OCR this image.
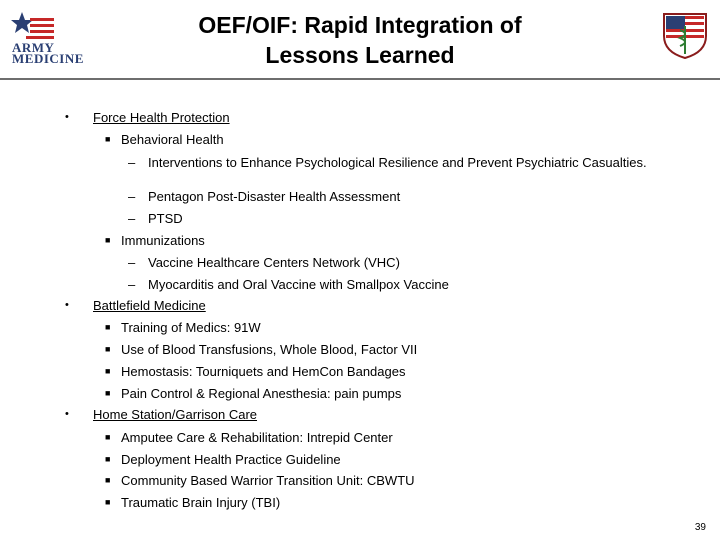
ARMY
MEDICINE
OEF/OIF: Rapid Integration of
Lessons Learned
• Force Health Protection
■ Behavioral Health
– Interventions to Enhance Psychological Resilience and Prevent Psychiatric Casualties.
– Pentagon Post-Disaster Health Assessment
– PTSD
■ Immunizations
– Vaccine Healthcare Centers Network (VHC)
– Myocarditis and Oral Vaccine with Smallpox Vaccine
• Battlefield Medicine
■ Training of Medics: 91W
■ Use of Blood Transfusions, Whole Blood, Factor VII
■ Hemostasis: Tourniquets and HemCon Bandages
■ Pain Control & Regional Anesthesia: pain pumps
• Home Station/Garrison Care
■ Amputee Care & Rehabilitation: Intrepid Center
■ Deployment Health Practice Guideline
■ Community Based Warrior Transition Unit: CBWTU
■ Traumatic Brain Injury (TBI)
39
